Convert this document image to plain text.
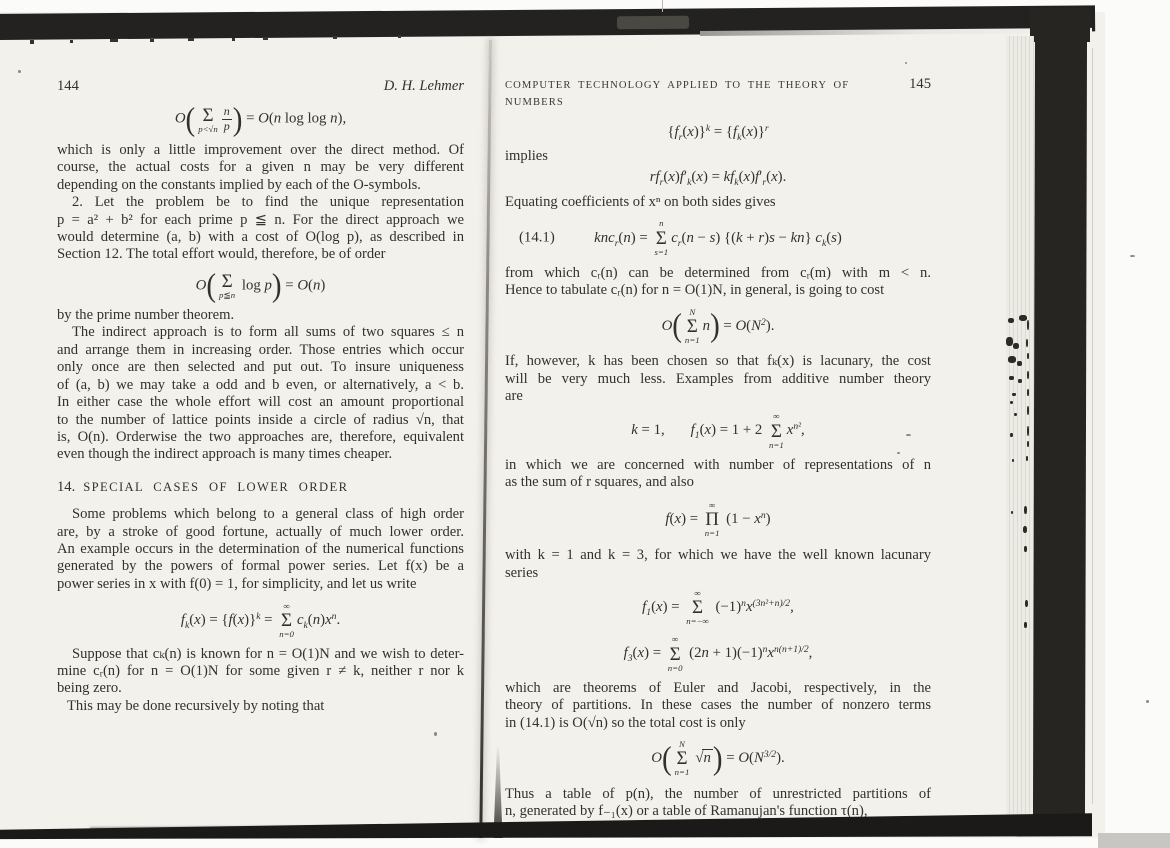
144	D. H. Lehmer
O( Σ
$p<√n \frac{n}{p}$ ) = O(n log log n),
which is only a little improvement over the direct method. Of
course, the actual costs for a given n may be very different
depending on the constants implied by each of the O-symbols.
2. Let the problem be to find the unique representation
p = a² + b² for each prime p ≦ n. For the direct approach we
would determine (a, b) with a cost of O(log p), as described in
Section 12. The total effort would, therefore, be of order
O( Σ
p≦n
log p) = O(n)
by the prime number theorem.
The indirect approach is to form all sums of two squares ≤ n
and arrange them in increasing order. Those entries which occur
only once are then selected and put out. To insure uniqueness
of (a, b) we may take a odd and b even, or alternatively, a < b.
In either case the whole effort will cost an amount proportional
to the number of lattice points inside a circle of radius √n, that
is, O(n). Orderwise the two approaches are, therefore, equivalent
even though the indirect approach is many times cheaper.
14. SPECIAL CASES OF LOWER ORDER
Some problems which belong to a general class of high order
are, by a stroke of good fortune, actually of much lower order.
An example occurs in the determination of the numerical functions
generated by the powers of formal power series. Let f(x) be a
power series in x with f(0) = 1, for simplicity, and let us write
$f_k(x) = \{f(x)\}^k$ =
∞
Σ
n=0
$c_k(n)x^n$.
Suppose that cₖ(n) is known for n = O(1)N and we wish to deter-
mine cᵣ(n) for n = O(1)N for some given r ≠ k, neither r nor k
being zero.
This may be done recursively by noting that
COMPUTER TECHNOLOGY APPLIED TO THE THEORY OF NUMBERS
145
$\{f_r(x)\}^k = \{f_k(x)\}^r$
implies
$rf_r(x)f'_k(x) = kf_k(x)f'_r(x)$.
Equating coefficients of xⁿ on both sides gives
(14.1)	knc$_r$(n) =
n
Σ
s=1
$c_r(n - s) \{(k + r)s - kn\}$ $c_k(s)$
from which cᵣ(n) can be determined from cᵣ(m) with m < n.
Hence to tabulate cᵣ(n) for n = O(1)N, in general, is going to cost
O( N
Σ
n=1
$n) = O(N^2)$.
If, however, k has been chosen so that fₖ(x) is lacunary, the cost
will be very much less. Examples from additive number theory
are
k = 1, $f_1(x) = 1 + 2$
∞
Σ
n=1
$x^{n^2}$,
in which we are concerned with number of representations of n
as the sum of r squares, and also
f(x) =
∞
Π
n=1
$(1 - x^n)$
with k = 1 and k = 3, for which we have the well known lacunary
series
$f_1(x)$ =
∞
Σ
n=−∞
$(-1)^nx^{(3n^2+n)/2}$,
$f_3(x)$ =
∞
Σ
n=0
$(2n + 1)(-1)^nx^{n(n+1)/2}$,
which are theorems of Euler and Jacobi, respectively, in the
theory of partitions. In these cases the number of nonzero terms
in (14.1) is O(√n) so the total cost is only
O( N
Σ
n=1
$√n) = O(N^{3/2})$.
Thus a table of p(n), the number of unrestricted partitions of
n, generated by f₋₁(x) or a table of Ramanujan's function τ(n),
